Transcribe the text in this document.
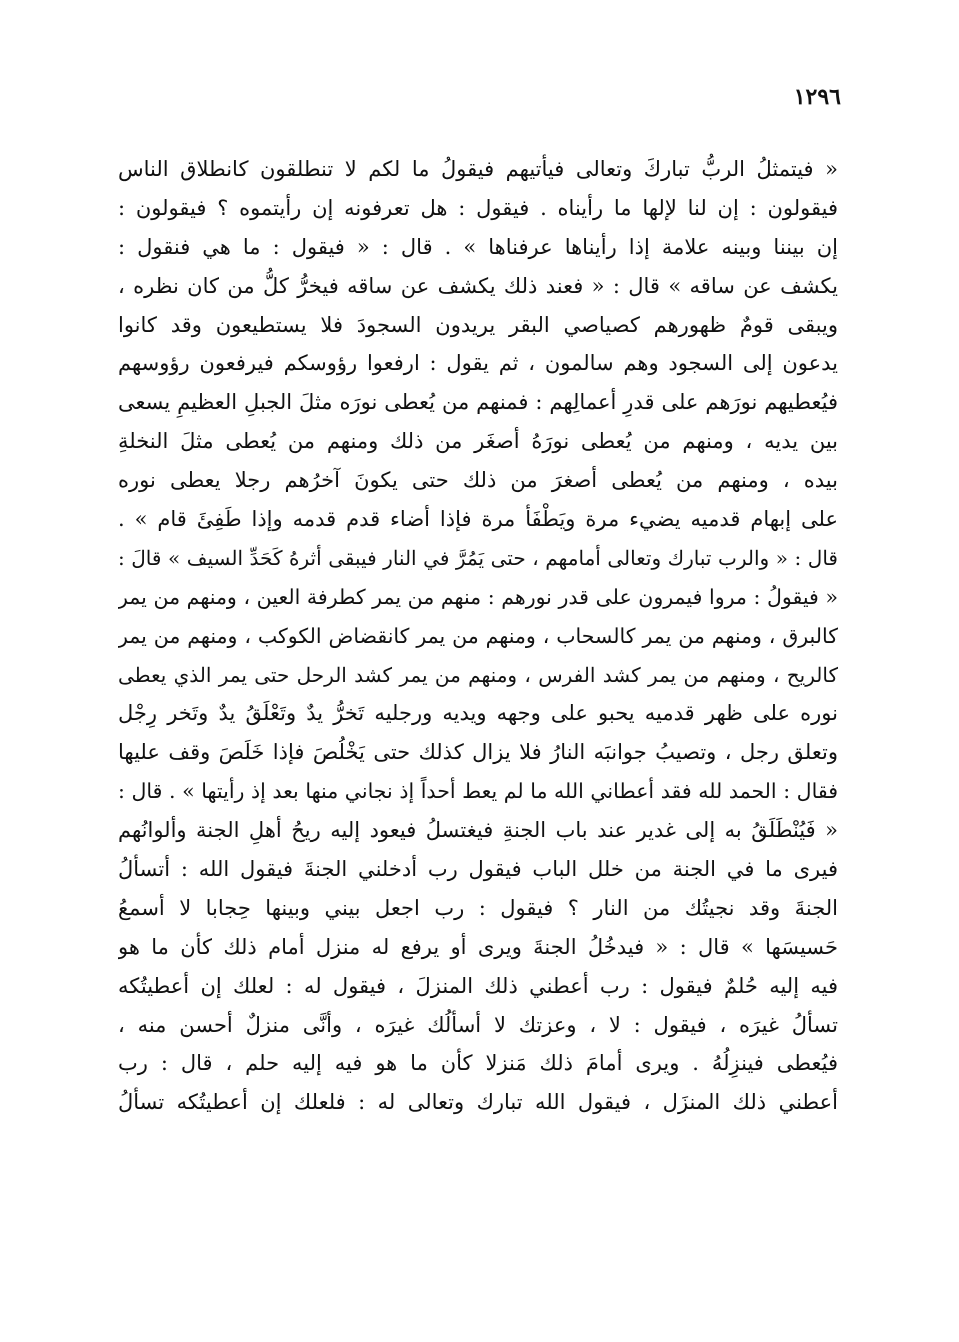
١٢٩٦
« فيتمثلُ الربُّ تباركَ وتعالى فيأتيهم فيقولُ ما لكم لا تنطلقون كانطلاق الناس
فيقولون : إن لنا لإلها ما رأيناه . فيقول : هل تعرفونه إن رأيتموه ؟ فيقولون :
إن بيننا وبينه علامة إذا رأيناها عرفناها » . قال : « فيقول : ما هي فنقول :
يكشف عن ساقه » قال : « فعند ذلك يكشف عن ساقه فيخرُّ كلُّ من كان نظره ،
ويبقى قومٌ ظهورهم كصياصي البقر يريدون السجودَ فلا يستطيعون وقد كانوا
يدعون إلى السجود وهم سالمون ، ثم يقول : ارفعوا رؤوسكم فيرفعون رؤوسهم
فيُعطيهم نورَهم على قدرِ أعمالِهم : فمنهم من يُعطى نورَه مثلَ الجبلِ العظيمِ يسعى
بين يديه ، ومنهم من يُعطى نورَهُ أصغَر من ذلك ومنهم من يُعطى مثلَ النخلةِ
بيده ، ومنهم من يُعطى أصغرَ من ذلك حتى يكونَ آخرُهم رجلا يعطى نوره
على إبهام قدميه يضيء مرة ويَطْفَأ مرة فإذا أضاء قدم قدمه وإذا طَفِئَ قام » .
قال : « والرب تبارك وتعالى أمامهم ، حتى يَمُرَّ في النار فيبقى أثرهُ كَحَدِّ السيف » قالَ :
« فيقولُ : مروا فيمرون على قدر نورهم : منهم من يمر كطرفة العين ، ومنهم من يمر
كالبرق ، ومنهم من يمر كالسحاب ، ومنهم من يمر كانقضاض الكوكب ، ومنهم من يمر
كالريح ، ومنهم من يمر كشد الفرس ، ومنهم من يمر كشد الرحل حتى يمر الذي يعطى
نوره على ظهر قدميه يحبو على وجهه ويديه ورجليه تَخرُّ يدٌ وتَعْلَقُ يدٌ وتَخر رِجْل
وتعلق رجل ، وتصيبُ جوانبَه النارُ فلا يزال كذلك حتى يَخْلُصَ فإذا خَلَصَ وقف عليها
فقال : الحمد لله فقد أعطاني الله ما لم يعط أحداً إذ نجاني منها بعد إذ رأيتها » . قال :
« فَيُنْطَلَقُ به إلى غدير عند باب الجنةِ فيغتسلُ فيعود إليه ريحُ أهلِ الجنة وألوانُهم
فيرى ما في الجنة من خلل الباب فيقول رب أدخلني الجنةَ فيقول الله : أتسألُ
الجنةَ وقد نجيتُك من النار ؟ فيقول : رب اجعل بيني وبينها حِجابا لا أسمعُ
حَسيسَها » قال : « فيدخُلُ الجنةَ ويرى أو يرفع له منزل أمام ذلك كأن ما هو
فيه إليه حُلمٌ فيقول : رب أعطني ذلك المنزلَ ، فيقول له : لعلك إن أعطيتُكه
تسألُ غيرَه ، فيقول : لا ، وعزتك لا أسألُك غيرَه ، وأنَّى منزلٌ أحسن منه ،
فيُعطى فينزِلُهُ . ويرى أمامَ ذلك مَنزلا كأن ما هو فيه إليه حلم ، قال : رب
أعطني ذلك المنزَل ، فيقول الله تبارك وتعالى له : فلعلك إن أعطيتُكه تسألُ
